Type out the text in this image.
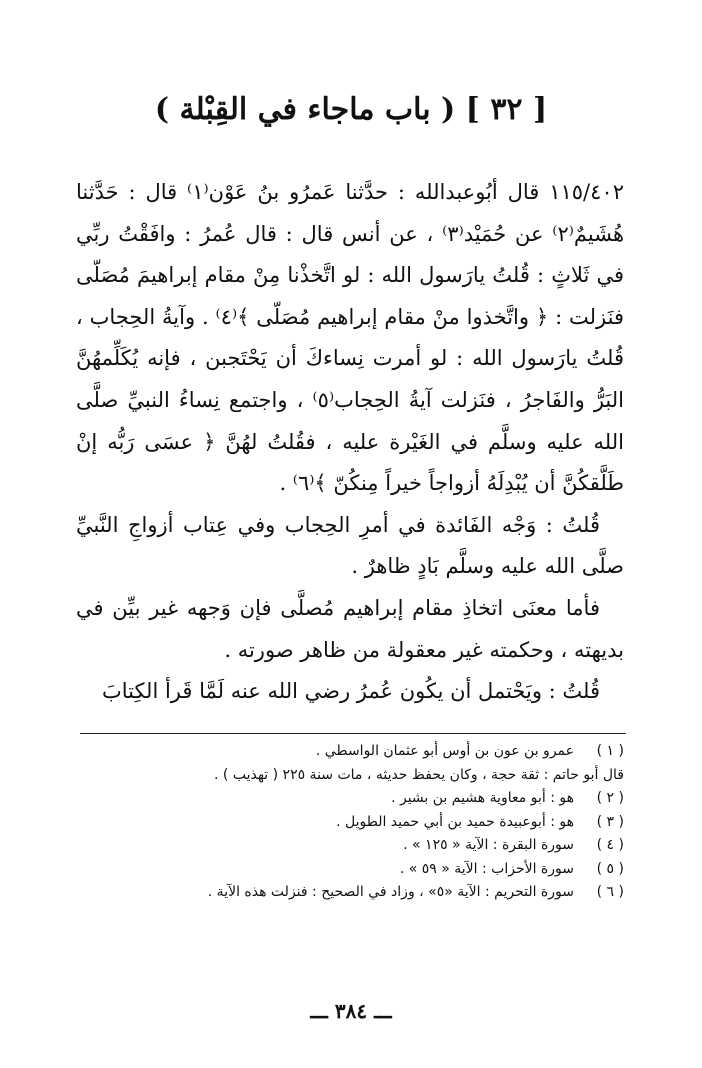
[ ٣٢ ] ( باب ماجاء في القِبْلة )

١١٥/٤٠٢ قال أبُوعبدالله : حدَّثنا عَمرُو بنُ عَوْن⁽١⁾ قال : حَدَّثنا هُشَيمٌ⁽٢⁾ عن حُمَيْد⁽٣⁾ ، عن أنس قال : قال عُمرُ : وافَقْتُ ربِّي في ثَلاثٍ : قُلتُ يارَسول الله : لو اتَّخذْنا مِنْ مقام إبراهيمَ مُصَلّى فنَزلت : ﴿ واتَّخذوا منْ مقام إبراهيم مُصَلّى ﴾⁽٤⁾ . وآيةُ الحِجاب ، قُلتُ يارَسول الله : لو أمرت نِساءكَ أن يَحْتَجبن ، فإنه يُكَلِّمهُنَّ البَرُّ والفَاجرُ ، فنَزلت آيةُ الحِجاب⁽٥⁾ ، واجتمع نِساءُ النبيِّ صلَّى الله عليه وسلَّم في الغَيْرة عليه ، فقُلتُ لهُنَّ ﴿ عسَى رَبُّه إنْ طَلَّقكُنَّ أن يُبْدِلَهُ أزواجاً خيراً مِنكُنّ ﴾⁽٦⁾ .

قُلتُ : وَجْه الفَائدة في أمرِ الحِجاب وفي عِتاب أزواجِ النَّبيِّ صلَّى الله عليه وسلَّم بَادٍ ظاهرٌ .

فأما معنَى اتخاذِ مقام إبراهيم مُصلَّى فإن وَجهه غير بيِّن في بديهته ، وحكمته غير معقولة من ظاهر صورته .

قُلتُ : ويَحْتمل أن يكُون عُمرُ رضي الله عنه لَمَّا قَرأ الكِتابَ

( ١ )
عمرو بن عون بن أوس أبو عثمان الواسطي .
قال أبو حاتم : ثقة حجة ، وكان يحفظ حديثه ، مات سنة ٢٢٥ ( تهذيب ) .
( ٢ )
هو : أبو معاوية هشيم بن بشير .
( ٣ )
هو : أبوعبيدة حميد بن أبي حميد الطويل .
( ٤ )
سورة البقرة : الآية « ١٢٥ » .
( ٥ )
سورة الأحزاب : الآية « ٥٩ » .
( ٦ )
سورة التحريم : الآية «٥» ، وزاد في الصحيح : فنزلت هذه الآية .
ـــ ٣٨٤ ـــ
